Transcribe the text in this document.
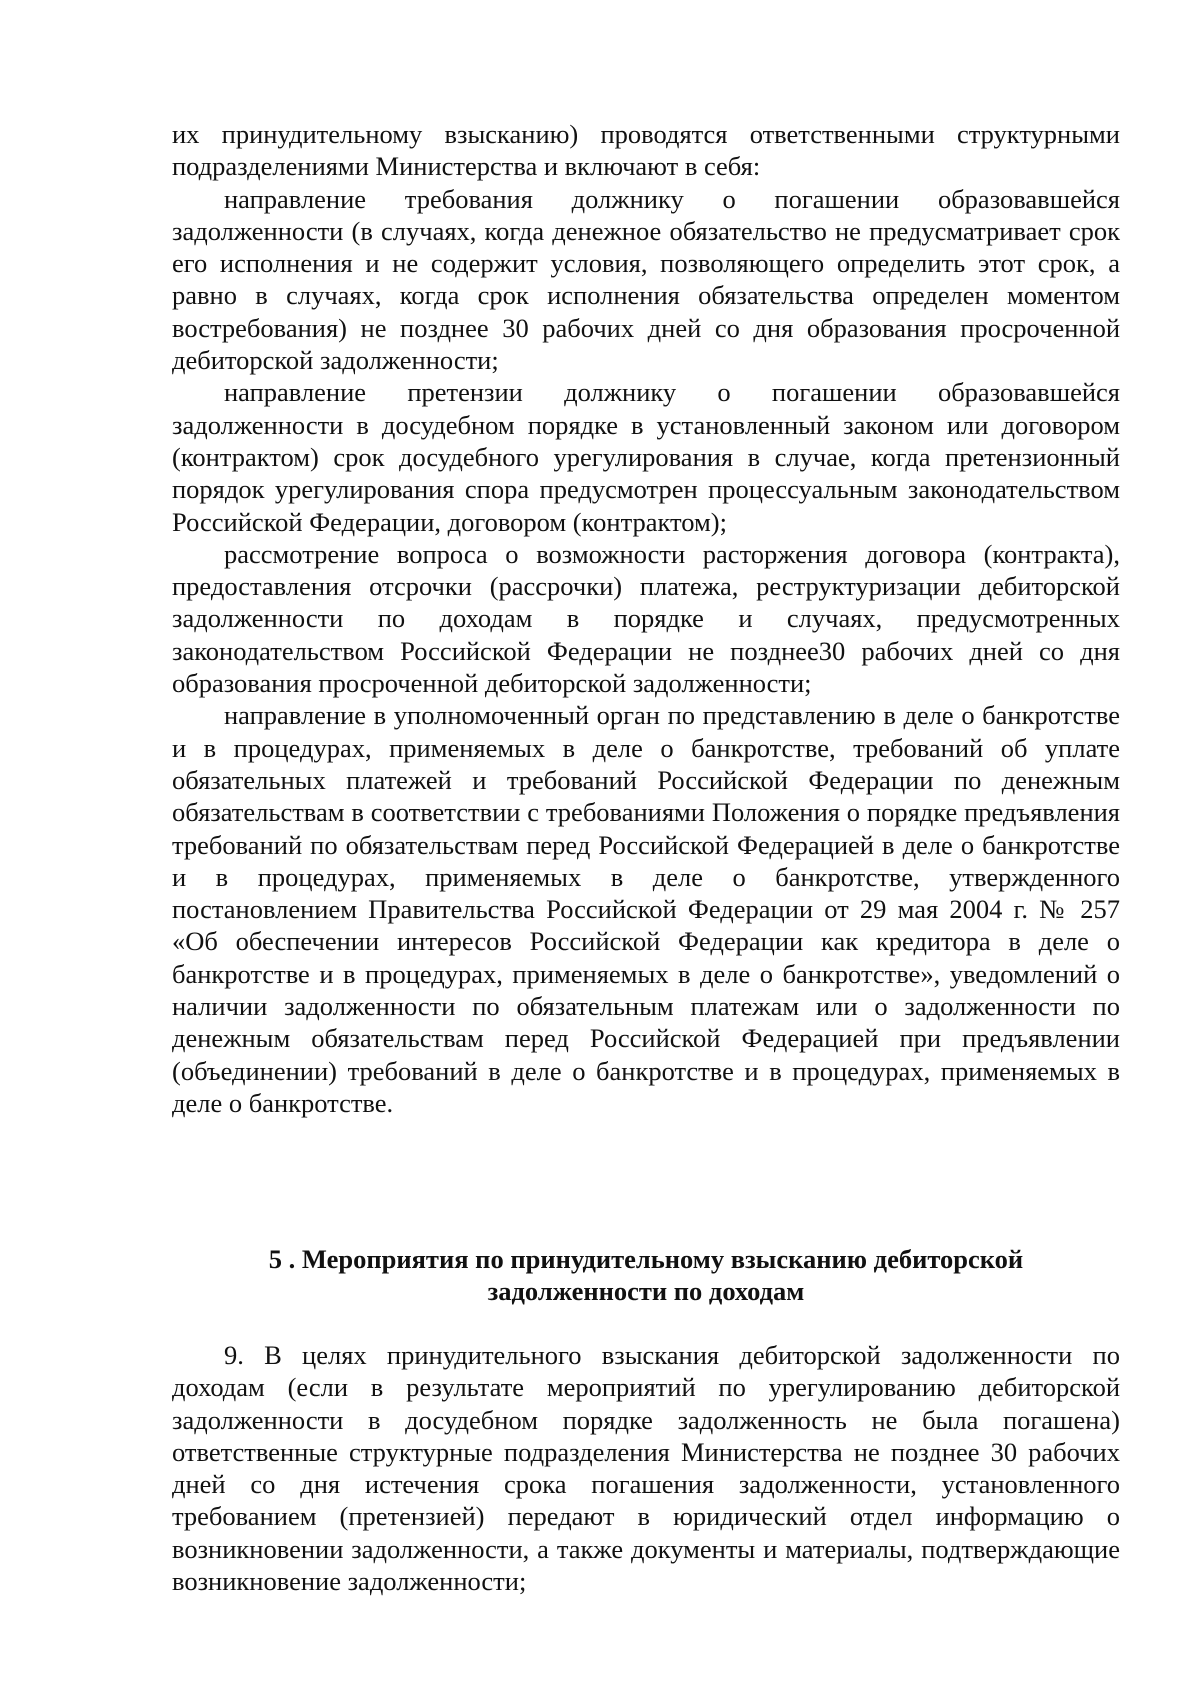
их принудительному взысканию) проводятся ответственными структурными подразделениями Министерства и включают в себя:

направление требования должнику о погашении образовавшейся задолженности (в случаях, когда денежное обязательство не предусматривает срок его исполнения и не содержит условия, позволяющего определить этот срок, а равно в случаях, когда срок исполнения обязательства определен моментом востребования) не позднее 30 рабочих дней со дня образования просроченной дебиторской задолженности;

направление претензии должнику о погашении образовавшейся задолженности в досудебном порядке в установленный законом или договором (контрактом) срок досудебного урегулирования в случае, когда претензионный порядок урегулирования спора предусмотрен процессуальным законодательством Российской Федерации, договором (контрактом);

рассмотрение вопроса о возможности расторжения договора (контракта), предоставления отсрочки (рассрочки) платежа, реструктуризации дебиторской задолженности по доходам в порядке и случаях, предусмотренных законодательством Российской Федерации не позднее30 рабочих дней со дня образования просроченной дебиторской задолженности;

направление в уполномоченный орган по представлению в деле о банкротстве и в процедурах, применяемых в деле о банкротстве, требований об уплате обязательных платежей и требований Российской Федерации по денежным обязательствам в соответствии с требованиями Положения о порядке предъявления требований по обязательствам перед Российской Федерацией в деле о банкротстве и в процедурах, применяемых в деле о банкротстве, утвержденного постановлением Правительства Российской Федерации от 29 мая 2004 г. № 257 «Об обеспечении интересов Российской Федерации как кредитора в деле о банкротстве и в процедурах, применяемых в деле о банкротстве», уведомлений о наличии задолженности по обязательным платежам или о задолженности по денежным обязательствам перед Российской Федерацией при предъявлении (объединении) требований в деле о банкротстве и в процедурах, применяемых в деле о банкротстве.

5 . Мероприятия по принудительному взысканию дебиторской
задолженности по доходам

9. В целях принудительного взыскания дебиторской задолженности по доходам (если в результате мероприятий по урегулированию дебиторской задолженности в досудебном порядке задолженность не была погашена) ответственные структурные подразделения Министерства не позднее 30 рабочих дней со дня истечения срока погашения задолженности, установленного требованием (претензией) передают в юридический отдел информацию о возникновении задолженности, а также документы и материалы, подтверждающие возникновение задолженности;
